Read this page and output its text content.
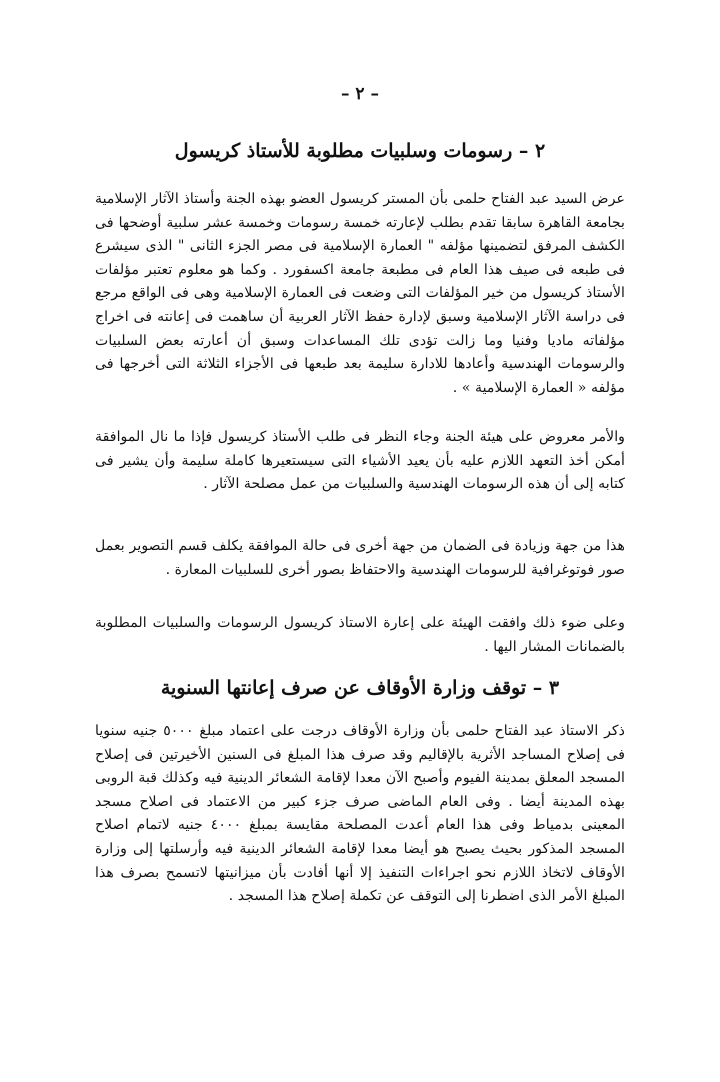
– ٢ –
٢ – رسومات وسلبيات مطلوبة للأستاذ كريسول

عرض السيد عبد الفتاح حلمى بأن المستر كريسول العضو بهذه الجنة وأستاذ الآثار الإسلامية بجامعة القاهرة سابقا تقدم بطلب لإعارته خمسة رسومات وخمسة عشر سلبية أوضحها فى الكشف المرفق لتضمينها مؤلفه " العمارة الإسلامية فى مصر الجزء الثانى " الذى سيشرع فى طبعه فى صيف هذا العام فى مطبعة جامعة اكسفورد . وكما هو معلوم تعتبر مؤلفات الأستاذ كريسول من خير المؤلفات التى وضعت فى العمارة الإسلامية وهى فى الواقع مرجع فى دراسة الآثار الإسلامية وسبق لإدارة حفظ الآثار العربية أن ساهمت فى إعانته فى اخراج مؤلفاته ماديا وفنيا وما زالت تؤدى تلك المساعدات وسبق أن أعارته بعض السلبيات والرسومات الهندسية وأعادها للادارة سليمة بعد طبعها فى الأجزاء الثلاثة التى أخرجها فى مؤلفه « العمارة الإسلامية » .

والأمر معروض على هيئة الجنة وجاء النظر فى طلب الأستاذ كريسول فإذا ما نال الموافقة أمكن أخذ التعهد اللازم عليه بأن يعيد الأشياء التى سيستعيرها كاملة سليمة وأن يشير فى كتابه إلى أن هذه الرسومات الهندسية والسلبيات من عمل مصلحة الآثار .

هذا من جهة وزيادة فى الضمان من جهة أخرى فى حالة الموافقة يكلف قسم التصوير بعمل صور فوتوغرافية للرسومات الهندسية والاحتفاظ بصور أخرى للسلبيات المعارة .

وعلى ضوء ذلك وافقت الهيئة على إعارة الاستاذ كريسول الرسومات والسلبيات المطلوبة بالضمانات المشار اليها .

٣ – توقف وزارة الأوقاف عن صرف إعانتها السنوية

ذكر الاستاذ عبد الفتاح حلمى بأن وزارة الأوقاف درجت على اعتماد مبلغ ٥٠٠٠ جنيه سنويا فى إصلاح المساجد الأثرية بالإقاليم وقد صرف هذا المبلغ فى السنين الأخيرتين فى إصلاح المسجد المعلق بمدينة الفيوم وأصبح الآن معدا لإقامة الشعائر الدينية فيه وكذلك قبة الروبى بهذه المدينة أيضا . وفى العام الماضى صرف جزء كبير من الاعتماد فى اصلاح مسجد المعينى بدمياط وفى هذا العام أعدت المصلحة مقايسة بمبلغ ٤٠٠٠ جنيه لاتمام اصلاح المسجد المذكور بحيث يصبح هو أيضا معدا لإقامة الشعائر الدينية فيه وأرسلتها إلى وزارة الأوقاف لاتخاذ اللازم نحو اجراءات التنفيذ إلا أنها أفادت بأن ميزانيتها لاتسمح بصرف هذا المبلغ الأمر الذى اضطرنا إلى التوقف عن تكملة إصلاح هذا المسجد .
